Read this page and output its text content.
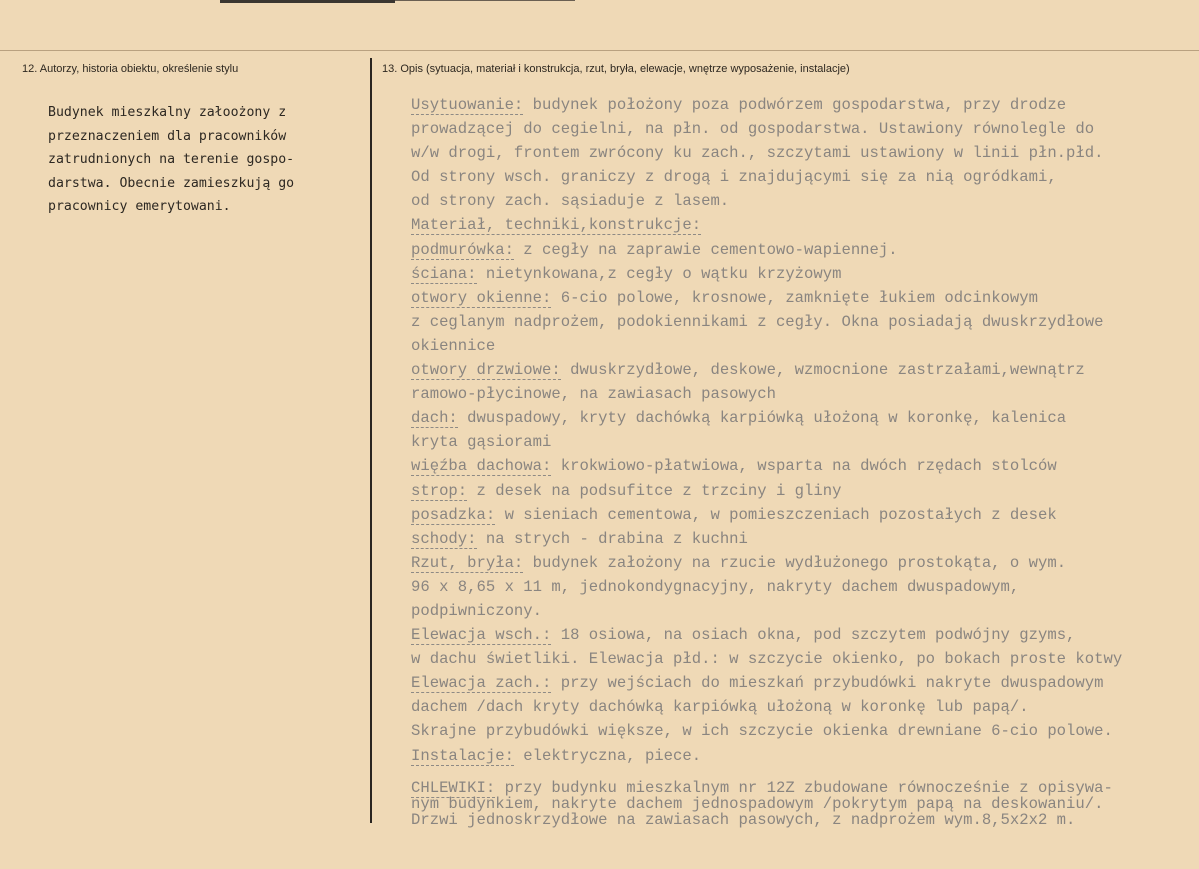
12. Autorzy, historia obiektu, określenie stylu	13. Opis (sytuacja, materiał i konstrukcja, rzut, bryła, elewacje, wnętrze wyposażenie, instalacje)
Budynek mieszkalny załoożony z
przeznaczeniem dla pracowników
zatrudnionych na terenie gospo-
darstwa. Obecnie zamieszkują go
pracownicy emerytowani.
Usytuowanie: budynek położony poza podwórzem gospodarstwa, przy drodze
prowadzącej do cegielni, na płn. od gospodarstwa. Ustawiony równolegle do
w/w drogi, frontem zwrócony ku zach., szczytami ustawiony w linii płn.płd.
Od strony wsch. graniczy z drogą i znajdującymi się za nią ogródkami,
od strony zach. sąsiaduje z lasem.
Materiał, techniki,konstrukcje:
podmurówka: z cegły na zaprawie cementowo-wapiennej.
ściana: nietynkowana,z cegły o wątku krzyżowym
otwory okienne: 6-cio polowe, krosnowe, zamknięte łukiem odcinkowym
z ceglanym nadprożem, podokiennikami z cegły. Okna posiadają dwuskrzydłowe
okiennice
otwory drzwiowe: dwuskrzydłowe, deskowe, wzmocnione zastrzałami,wewnątrz
ramowo-płycinowe, na zawiasach pasowych
dach: dwuspadowy, kryty dachówką karpiówką ułożoną w koronkę, kalenica
kryta gąsiorami
więźba dachowa: krokwiowo-płatwiowa, wsparta na dwóch rzędach stolców
strop: z desek na podsufitce z trzciny i gliny
posadzka: w sieniach cementowa, w pomieszczeniach pozostałych z desek
schody: na strych - drabina z kuchni
Rzut, bryła: budynek założony na rzucie wydłużonego prostokąta, o wym.
96 x 8,65 x 11 m, jednokondygnacyjny, nakryty dachem dwuspadowym,
podpiwniczony.
Elewacja wsch.: 18 osiowa, na osiach okna, pod szczytem podwójny gzyms,
w dachu świetliki. Elewacja płd.: w szczycie okienko, po bokach proste kotwy
Elewacja zach.: przy wejściach do mieszkań przybudówki nakryte dwuspadowym
dachem /dach kryty dachówką karpiówką ułożoną w koronkę lub papą/.
Skrajne przybudówki większe, w ich szczycie okienka drewniane 6-cio polowe.
Instalacje: elektryczna, piece.
CHLEWIKI: przy budynku mieszkalnym nr 12Z zbudowane równocześnie z opisywa-
nym budynkiem, nakryte dachem jednospadowym /pokrytym papą na deskowaniu/.
Drzwi jednoskrzydłowe na zawiasach pasowych, z nadprożem wym.8,5x2x2 m.
